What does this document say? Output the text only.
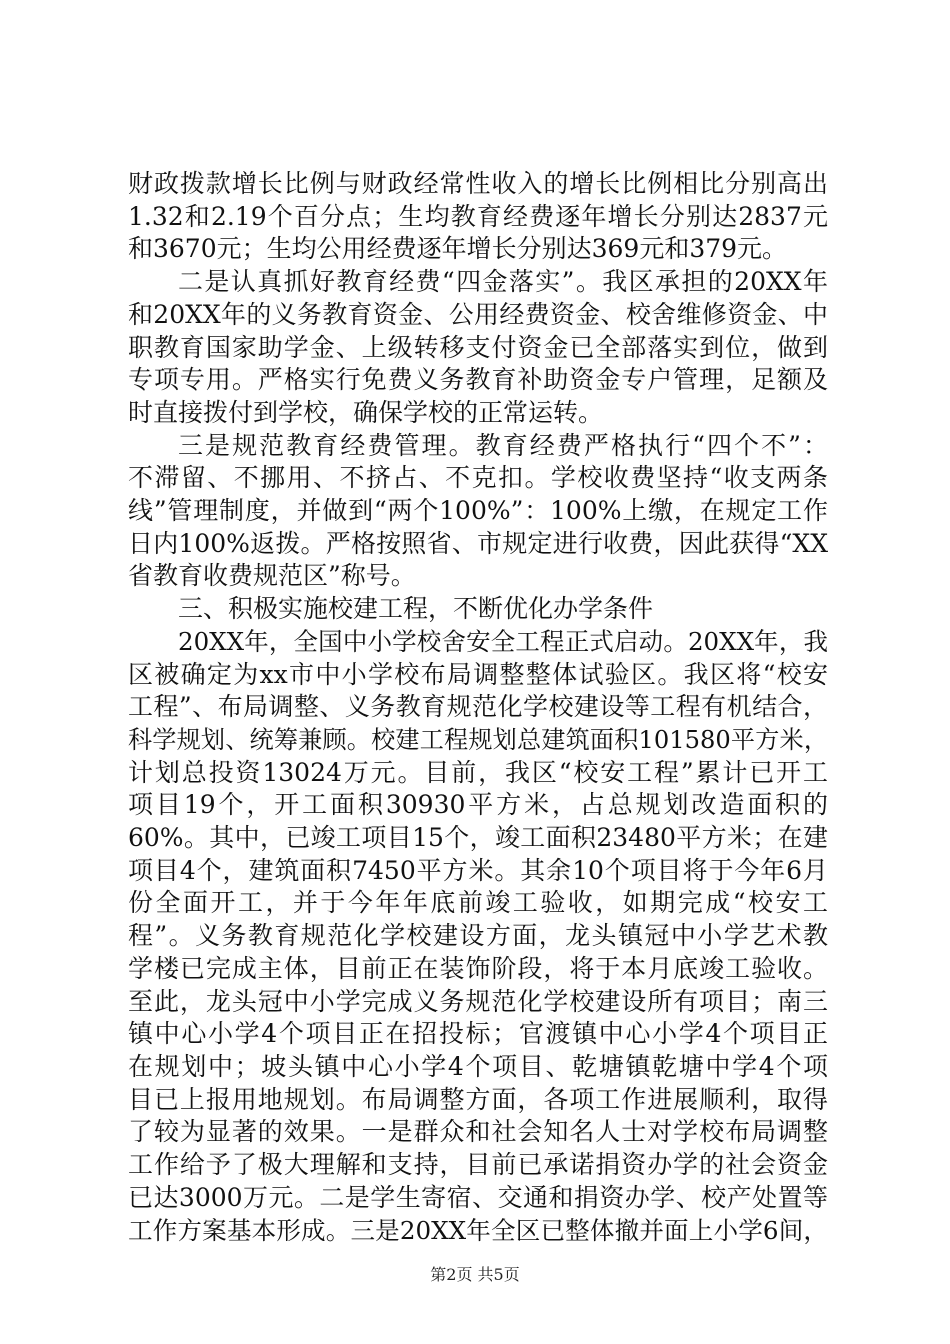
财政拨款增长比例与财政经常性收入的增长比例相比分别高出
1.32和2.19个百分点；生均教育经费逐年增长分别达2837元
和3670元；生均公用经费逐年增长分别达369元和379元。
二是认真抓好教育经费“四金落实”。我区承担的20XX年
和20XX年的义务教育资金、公用经费资金、校舍维修资金、中
职教育国家助学金、上级转移支付资金已全部落实到位，做到
专项专用。严格实行免费义务教育补助资金专户管理，足额及
时直接拨付到学校，确保学校的正常运转。
三是规范教育经费管理。教育经费严格执行“四个不”：
不滞留、不挪用、不挤占、不克扣。学校收费坚持“收支两条
线”管理制度，并做到“两个100%”：100%上缴，在规定工作
日内100%返拨。严格按照省、市规定进行收费，因此获得“XX
省教育收费规范区”称号。
三、积极实施校建工程，不断优化办学条件
20XX年，全国中小学校舍安全工程正式启动。20XX年，我
区被确定为xx市中小学校布局调整整体试验区。我区将“校安
工程”、布局调整、义务教育规范化学校建设等工程有机结合，
科学规划、统筹兼顾。校建工程规划总建筑面积101580平方米，
计划总投资13024万元。目前，我区“校安工程”累计已开工
项目19个，开工面积30930平方米，占总规划改造面积的
60%。其中，已竣工项目15个，竣工面积23480平方米；在建
项目4个，建筑面积7450平方米。其余10个项目将于今年6月
份全面开工，并于今年年底前竣工验收，如期完成“校安工
程”。义务教育规范化学校建设方面，龙头镇冠中小学艺术教
学楼已完成主体，目前正在装饰阶段，将于本月底竣工验收。
至此，龙头冠中小学完成义务规范化学校建设所有项目；南三
镇中心小学4个项目正在招投标；官渡镇中心小学4个项目正
在规划中；坡头镇中心小学4个项目、乾塘镇乾塘中学4个项
目已上报用地规划。布局调整方面，各项工作进展顺利，取得
了较为显著的效果。一是群众和社会知名人士对学校布局调整
工作给予了极大理解和支持，目前已承诺捐资办学的社会资金
已达3000万元。二是学生寄宿、交通和捐资办学、校产处置等
工作方案基本形成。三是20XX年全区已整体撤并面上小学6间，
第2页 共5页
